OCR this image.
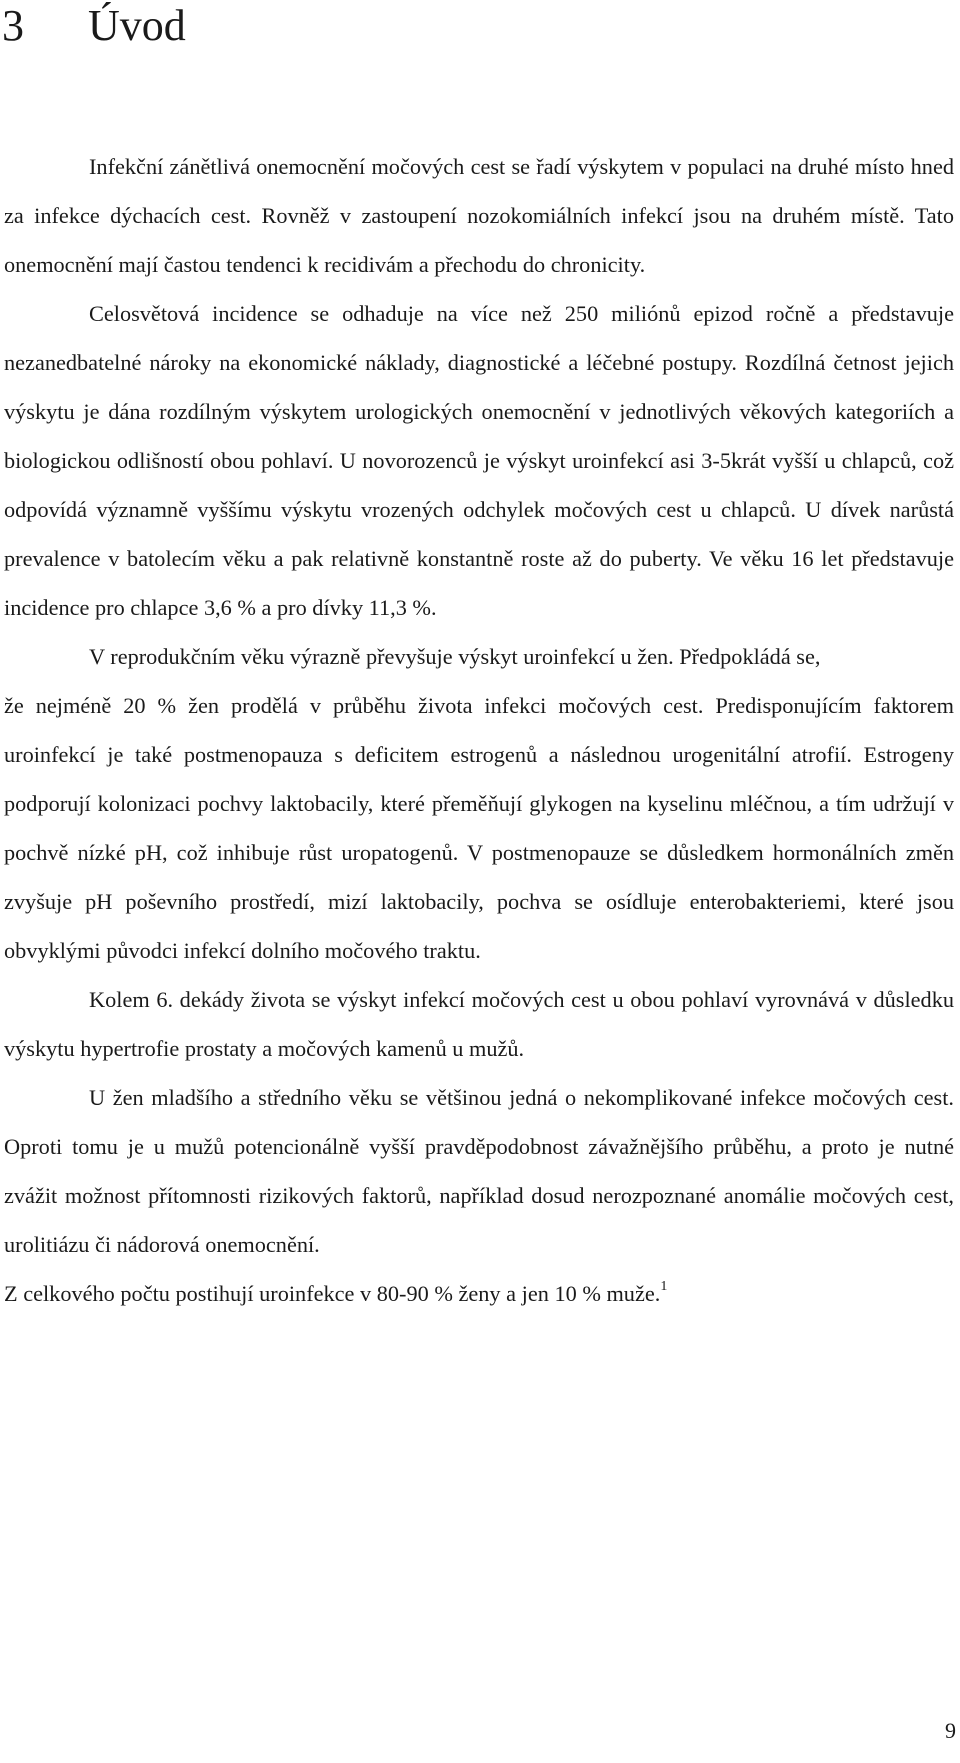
3 Úvod

Infekční zánětlivá onemocnění močových cest se řadí výskytem v populaci na druhé místo hned za infekce dýchacích cest. Rovněž v zastoupení nozokomiálních infekcí jsou na druhém místě. Tato onemocnění mají častou tendenci k recidivám a přechodu do chronicity.

Celosvětová incidence se odhaduje na více než 250 miliónů epizod ročně a představuje nezanedbatelné nároky na ekonomické náklady, diagnostické a léčebné postupy. Rozdílná četnost jejich výskytu je dána rozdílným výskytem urologických onemocnění v jednotlivých věkových kategoriích a biologickou odlišností obou pohlaví. U novorozenců je výskyt uroinfekcí asi 3-5krát vyšší u chlapců, což odpovídá významně vyššímu výskytu vrozených odchylek močových cest u chlapců. U dívek narůstá prevalence v batolecím věku a pak relativně konstantně roste až do puberty. Ve věku 16 let představuje incidence pro chlapce 3,6 % a pro dívky 11,3 %.

V reprodukčním věku výrazně převyšuje výskyt uroinfekcí u žen. Předpokládá se,

že nejméně 20 % žen prodělá v průběhu života infekci močových cest. Predisponujícím faktorem uroinfekcí je také postmenopauza s deficitem estrogenů a následnou urogenitální atrofií. Estrogeny podporují kolonizaci pochvy laktobacily, které přeměňují glykogen na kyselinu mléčnou, a tím udržují v pochvě nízké pH, což inhibuje růst uropatogenů. V postmenopauze se důsledkem hormonálních změn zvyšuje pH poševního prostředí, mizí laktobacily, pochva se osídluje enterobakteriemi, které jsou obvyklými původci infekcí dolního močového traktu.

Kolem 6. dekády života se výskyt infekcí močových cest u obou pohlaví vyrovnává v důsledku výskytu hypertrofie prostaty a močových kamenů u mužů.

U žen mladšího a středního věku se většinou jedná o nekomplikované infekce močových cest. Oproti tomu je u mužů potencionálně vyšší pravděpodobnost závažnějšího průběhu, a proto je nutné zvážit možnost přítomnosti rizikových faktorů, například dosud nerozpoznané anomálie močových cest, urolitiázu či nádorová onemocnění.

Z celkového počtu postihují uroinfekce v 80-90 % ženy a jen 10 % muže.$^1$

9
